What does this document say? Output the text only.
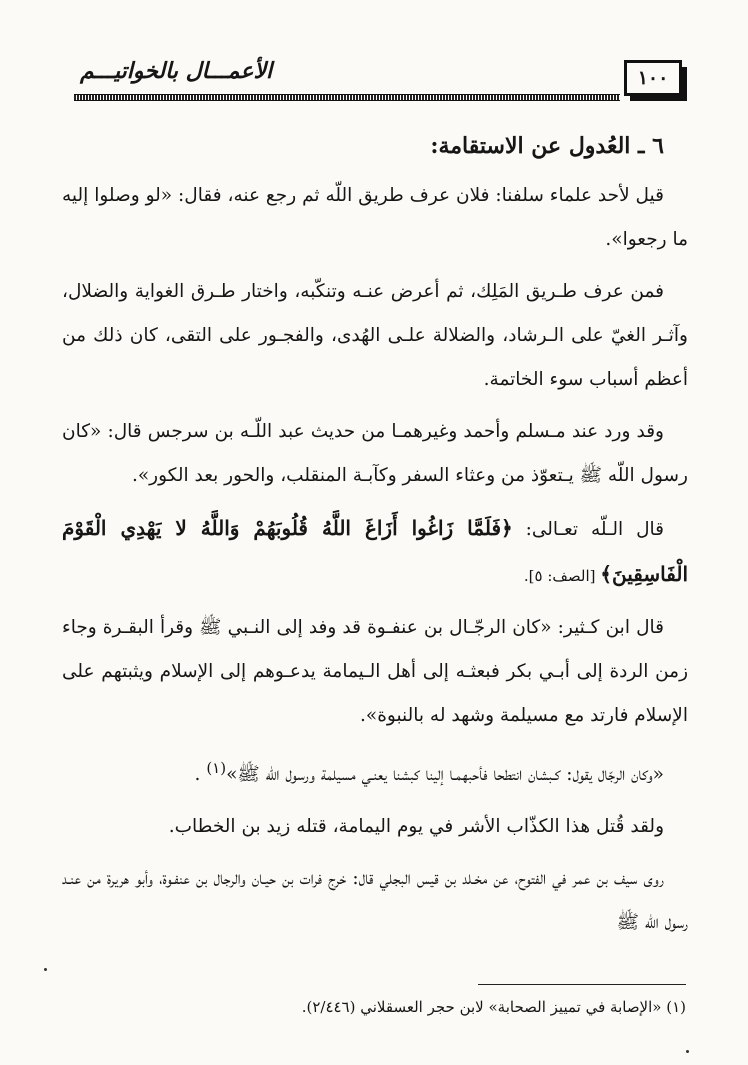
١٠٠
الأعمـــال بالخواتيـــم

٦ ـ العُدول عن الاستقامة:

قيل لأحد علماء سلفنا: فلان عرف طريق اللّه ثم رجع عنه، فقال: «لو وصلوا إليه ما رجعوا».

فمن عرف طـريق المَلِك، ثم أعرض عنـه وتنكّبه، واختار طـرق الغواية والضلال، وآثـر الغيّ على الـرشاد، والضلالة علـى الهُدى، والفجـور على التقى، كان ذلك من أعظم أسباب سوء الخاتمة.

وقد ورد عند مـسلم وأحمد وغيرهمـا من حديث عبد اللّـه بن سرجس قال: «كان رسول اللّه ﷺ يـتعوّذ من وعثاء السفر وكآبـة المنقلب، والحور بعد الكور».

قال الـلّه تعـالى: ﴿فَلَمَّا زَاغُوا أَزَاغَ اللَّهُ قُلُوبَهُمْ وَاللَّهُ لا يَهْدِي الْقَوْمَ الْفَاسِقِينَ﴾ [الصف: ٥].

قال ابن كـثير: «كان الرجّـال بن عنفـوة قد وفد إلى النـبي ﷺ وقرأ البقـرة وجاء زمن الردة إلى أبـي بكر فبعثـه إلى أهل الـيمامة يدعـوهم إلى الإسلام ويثبتهم على الإسلام فارتد مع مسيلمة وشهد له بالنبوة».

«وكان الرجّال يقول: كـبشان انتطحا فأحبهمـا إلينا كبشنا يعنـي مسيلمة ورسول اللّه ﷺ»$^{(١)}$ .

ولقد قُتل هذا الكذّاب الأشر في يوم اليمامة، قتله زيد بن الخطاب.

روى سيف بن عمر في الفتوح، عن مخـلد بن قيس البجلي قال: خرج فرات بن حيـان والرجال بن عنفـوة، وأبو هريرة من عنـد رسول اللّه ﷺ

(١) «الإصابة في تمييز الصحابة» لابن حجر العسقلاني (٢/٤٤٦).
